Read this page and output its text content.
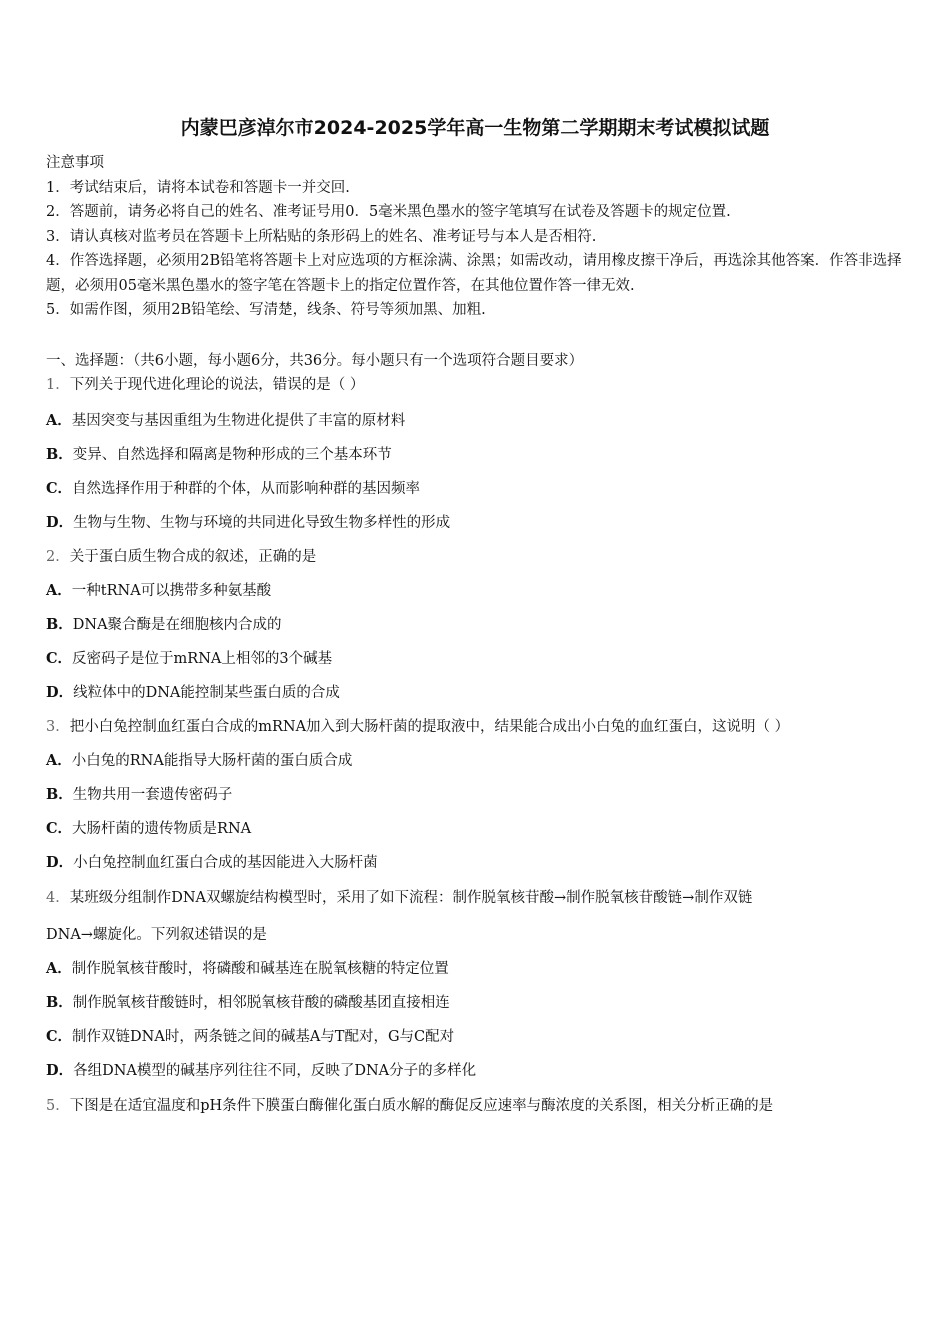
内蒙巴彦淖尔市2024-2025学年高一生物第二学期期末考试模拟试题
注意事项
1．考试结束后，请将本试卷和答题卡一并交回.
2．答题前，请务必将自己的姓名、准考证号用0．5毫米黑色墨水的签字笔填写在试卷及答题卡的规定位置.
3．请认真核对监考员在答题卡上所粘贴的条形码上的姓名、准考证号与本人是否相符.
4．作答选择题，必须用2B铅笔将答题卡上对应选项的方框涂满、涂黑；如需改动，请用橡皮擦干净后，再选涂其他答案．作答非选择题，必须用05毫米黑色墨水的签字笔在答题卡上的指定位置作答，在其他位置作答一律无效.
5．如需作图，须用2B铅笔绘、写清楚，线条、符号等须加黑、加粗.
一、选择题：（共6小题，每小题6分，共36分。每小题只有一个选项符合题目要求）
1．下列关于现代进化理论的说法，错误的是（ ）
A．基因突变与基因重组为生物进化提供了丰富的原材料
B．变异、自然选择和隔离是物种形成的三个基本环节
C．自然选择作用于种群的个体，从而影响种群的基因频率
D．生物与生物、生物与环境的共同进化导致生物多样性的形成
2．关于蛋白质生物合成的叙述，正确的是
A．一种tRNA可以携带多种氨基酸
B．DNA聚合酶是在细胞核内合成的
C．反密码子是位于mRNA上相邻的3个碱基
D．线粒体中的DNA能控制某些蛋白质的合成
3．把小白兔控制血红蛋白合成的mRNA加入到大肠杆菌的提取液中，结果能合成出小白兔的血红蛋白，这说明（ ）
A．小白兔的RNA能指导大肠杆菌的蛋白质合成
B．生物共用一套遗传密码子
C．大肠杆菌的遗传物质是RNA
D．小白兔控制血红蛋白合成的基因能进入大肠杆菌
4．某班级分组制作DNA双螺旋结构模型时，采用了如下流程：制作脱氧核苷酸→制作脱氧核苷酸链→制作双链
DNA→螺旋化。下列叙述错误的是
A．制作脱氧核苷酸时，将磷酸和碱基连在脱氧核糖的特定位置
B．制作脱氧核苷酸链时，相邻脱氧核苷酸的磷酸基团直接相连
C．制作双链DNA时，两条链之间的碱基A与T配对，G与C配对
D．各组DNA模型的碱基序列往往不同，反映了DNA分子的多样化
5．下图是在适宜温度和pH条件下膜蛋白酶催化蛋白质水解的酶促反应速率与酶浓度的关系图，相关分析正确的是
